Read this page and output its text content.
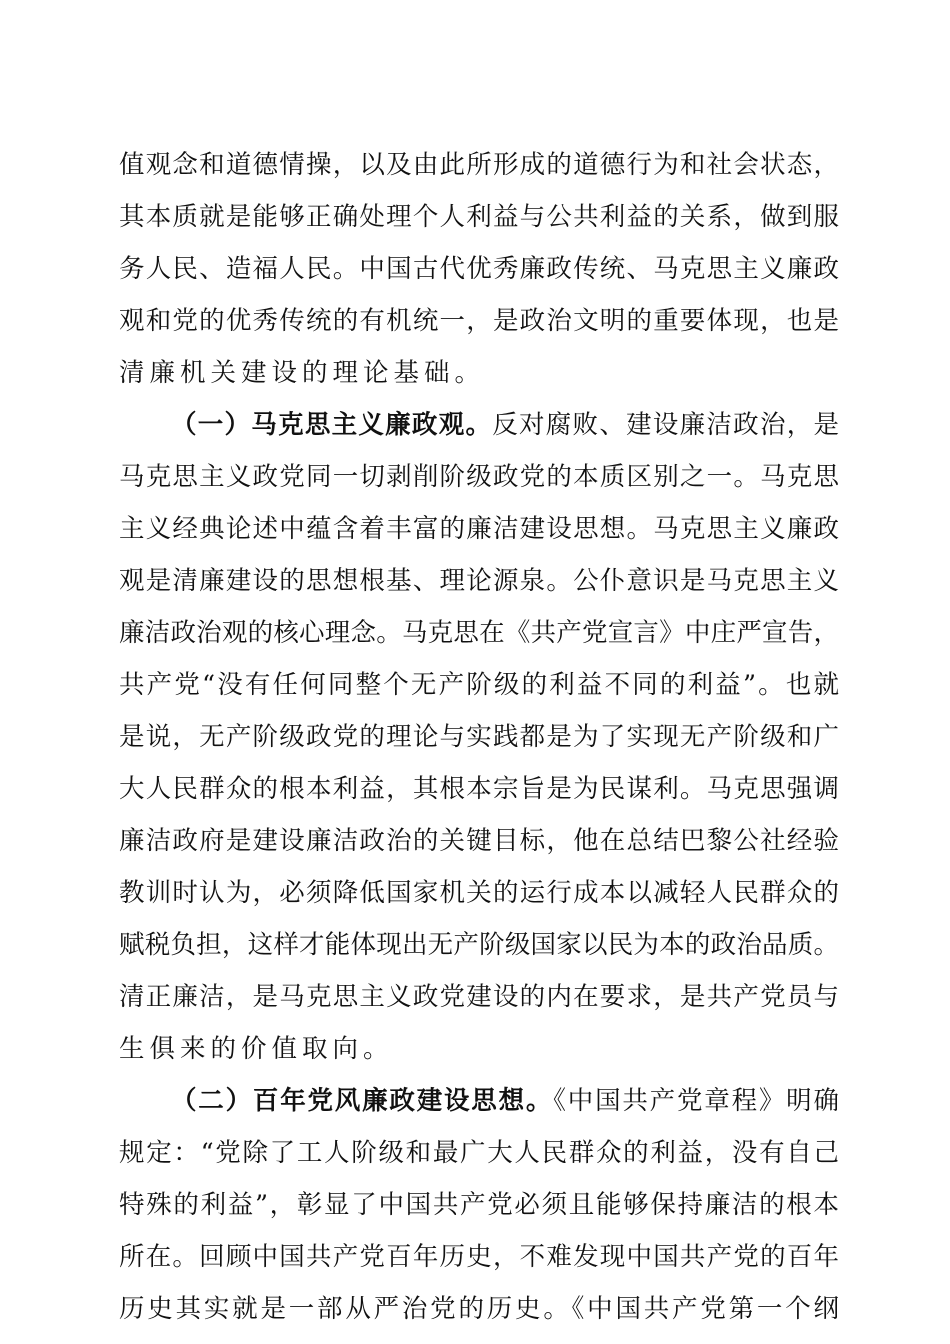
值观念和道德情操，以及由此所形成的道德行为和社会状态，
其本质就是能够正确处理个人利益与公共利益的关系，做到服
务人民、造福人民。中国古代优秀廉政传统、马克思主义廉政
观和党的优秀传统的有机统一，是政治文明的重要体现，也是
清廉机关建设的理论基础。
（一）马克思主义廉政观。反对腐败、建设廉洁政治，是
马克思主义政党同一切剥削阶级政党的本质区别之一。马克思
主义经典论述中蕴含着丰富的廉洁建设思想。马克思主义廉政
观是清廉建设的思想根基、理论源泉。公仆意识是马克思主义
廉洁政治观的核心理念。马克思在《共产党宣言》中庄严宣告，
共产党“没有任何同整个无产阶级的利益不同的利益”。也就
是说，无产阶级政党的理论与实践都是为了实现无产阶级和广
大人民群众的根本利益，其根本宗旨是为民谋利。马克思强调
廉洁政府是建设廉洁政治的关键目标，他在总结巴黎公社经验
教训时认为，必须降低国家机关的运行成本以减轻人民群众的
赋税负担，这样才能体现出无产阶级国家以民为本的政治品质。
清正廉洁，是马克思主义政党建设的内在要求，是共产党员与
生俱来的价值取向。
（二）百年党风廉政建设思想。《中国共产党章程》明确
规定：“党除了工人阶级和最广大人民群众的利益，没有自己
特殊的利益”，彰显了中国共产党必须且能够保持廉洁的根本
所在。回顾中国共产党百年历史，不难发现中国共产党的百年
历史其实就是一部从严治党的历史。《中国共产党第一个纲
